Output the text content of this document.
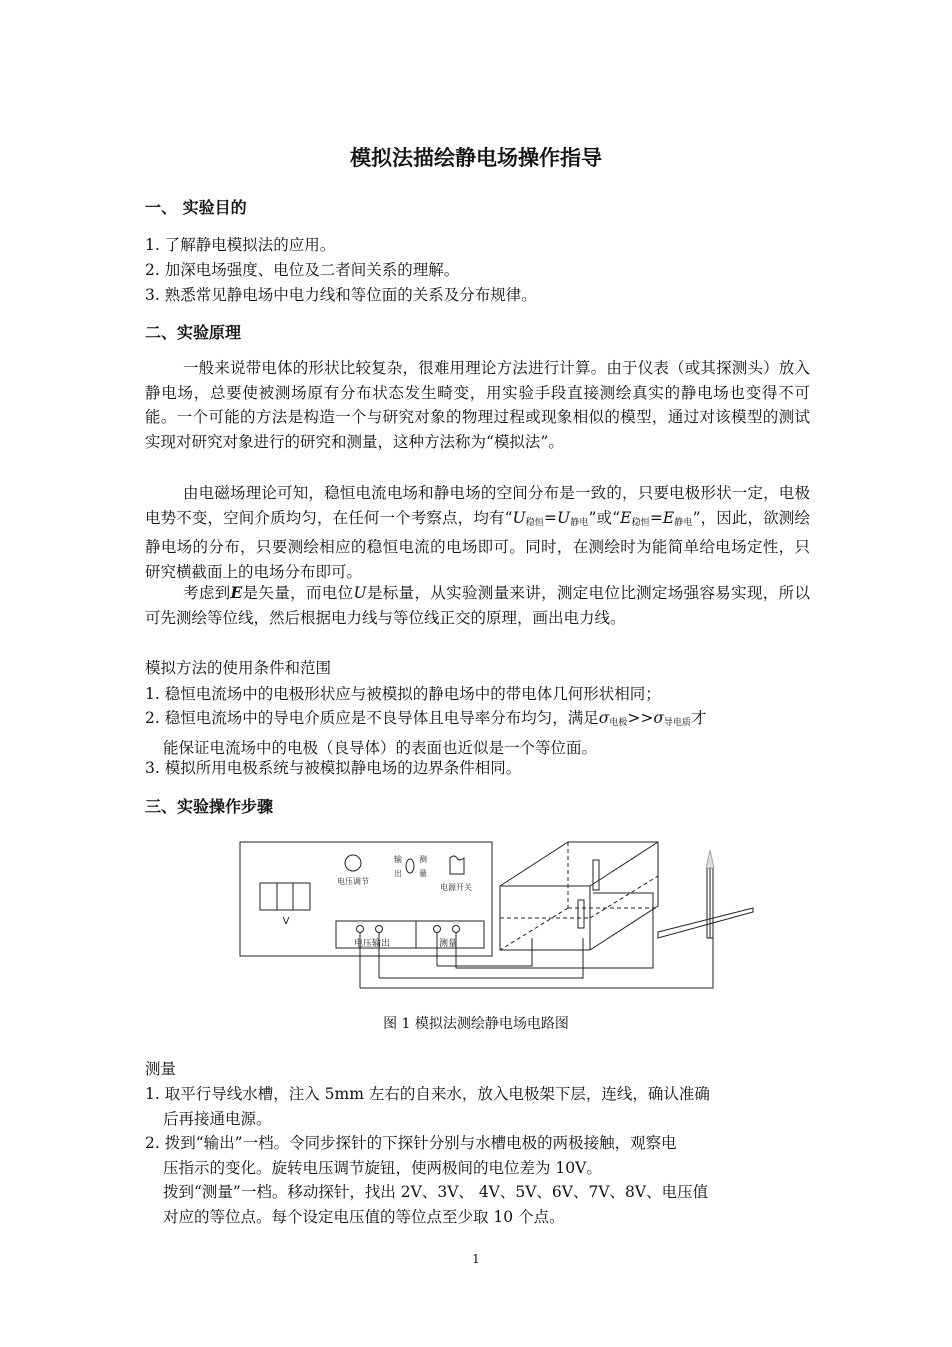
模拟法描绘静电场操作指导
一、 实验目的
1. 了解静电模拟法的应用。
2. 加深电场强度、电位及二者间关系的理解。
3. 熟悉常见静电场中电力线和等位面的关系及分布规律。
二、实验原理
一般来说带电体的形状比较复杂，很难用理论方法进行计算。由于仪表（或其探测头）放入静电场，总要使被测场原有分布状态发生畸变，用实验手段直接测绘真实的静电场也变得不可能。一个可能的方法是构造一个与研究对象的物理过程或现象相似的模型，通过对该模型的测试实现对研究对象进行的研究和测量，这种方法称为“模拟法”。
由电磁场理论可知，稳恒电流电场和静电场的空间分布是一致的，只要电极形状一定，电极电势不变，空间介质均匀，在任何一个考察点，均有“$U_{稳恒}=U_{静电}$”或“$E_{稳恒}=E_{静电}$”，因此，欲测绘静电场的分布，只要测绘相应的稳恒电流的电场即可。同时，在测绘时为能简单给电场定性，只研究横截面上的电场分布即可。
考虑到E是矢量，而电位U是标量，从实验测量来讲，测定电位比测定场强容易实现，所以可先测绘等位线，然后根据电力线与等位线正交的原理，画出电力线。
模拟方法的使用条件和范围
1. 稳恒电流场中的电极形状应与被模拟的静电场中的带电体几何形状相同；
2. 稳恒电流场中的导电介质应是不良导体且电导率分布均匀，满足$\sigma_{电极}>>\sigma_{导电质}$才
能保证电流场中的电极（良导体）的表面也近似是一个等位面。
3. 模拟所用电极系统与被模拟静电场的边界条件相同。
三、实验操作步骤
电压调节
输
出
测
量
电源开关
V
电压输出	测量
图 1 模拟法测绘静电场电路图
测量
1. 取平行导线水槽，注入 5mm 左右的自来水，放入电极架下层，连线，确认准确
后再接通电源。
2. 拨到“输出”一档。令同步探针的下探针分别与水槽电极的两极接触，观察电
压指示的变化。旋转电压调节旋钮，使两极间的电位差为 10V。
拨到“测量”一档。移动探针，找出 2V、3V、 4V、5V、6V、7V、8V、电压值
对应的等位点。每个设定电压值的等位点至少取 10 个点。
1
